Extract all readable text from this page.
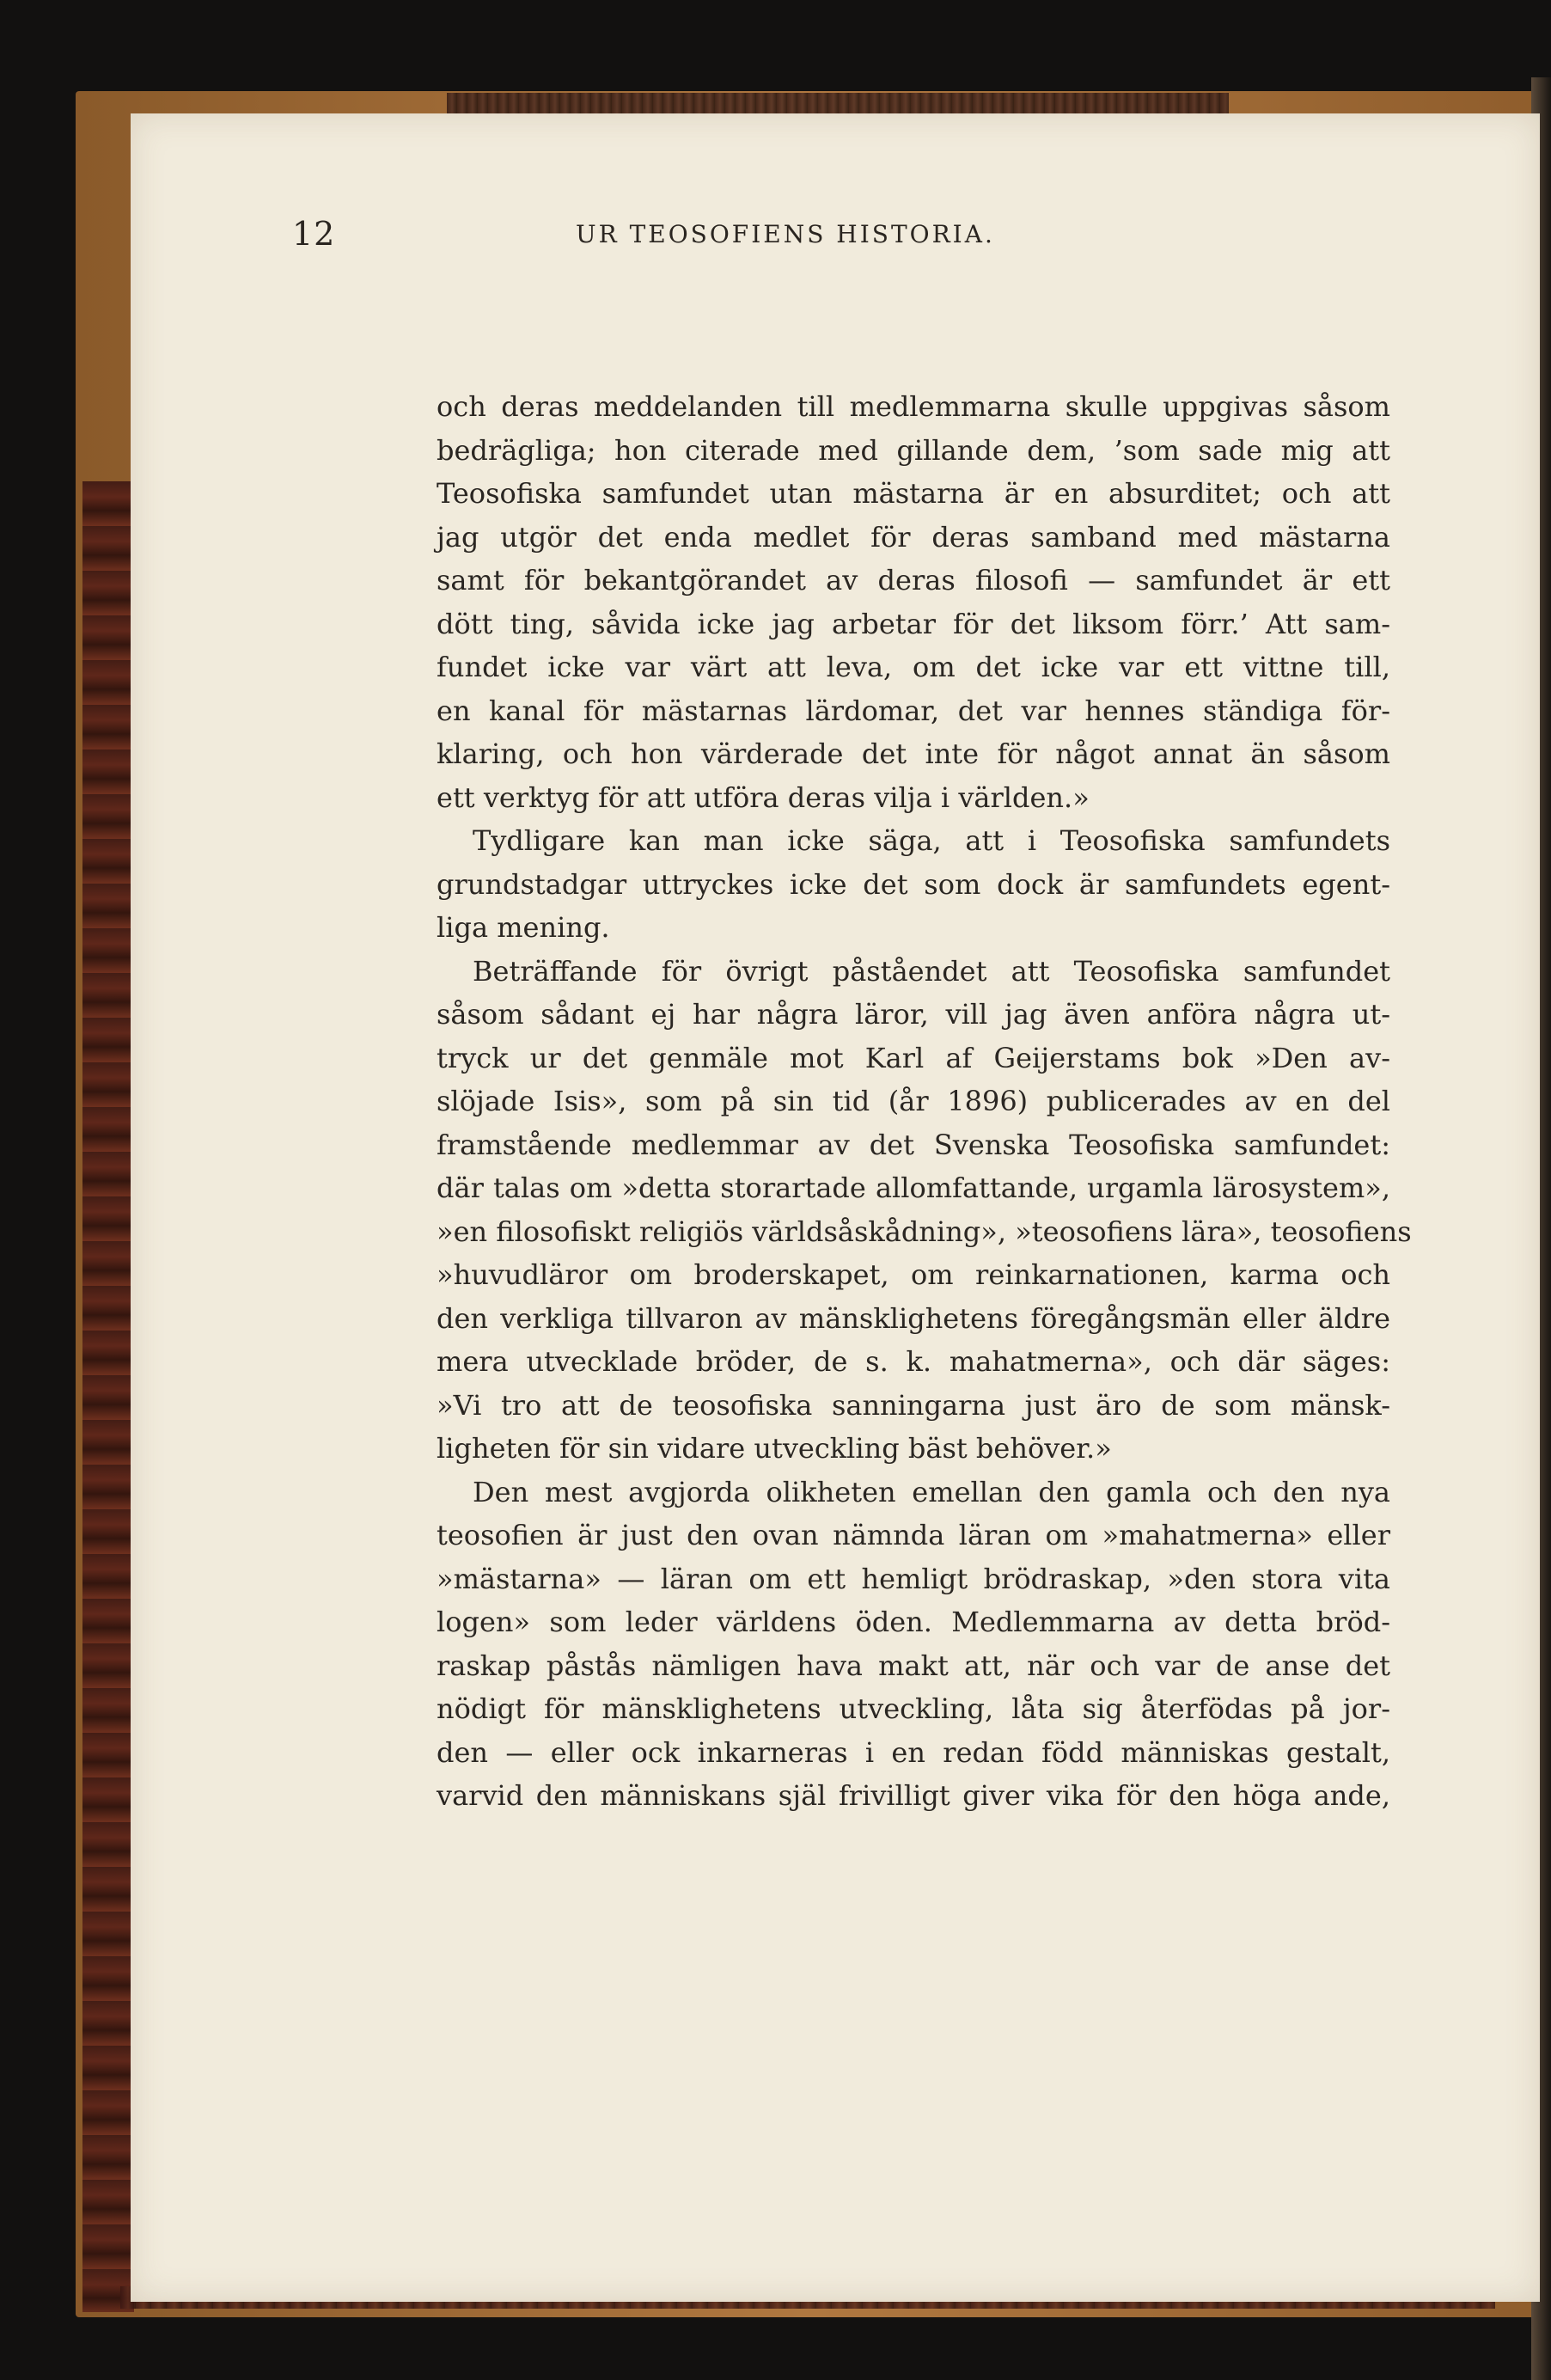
12	UR TEOSOFIENS HISTORIA.
och deras meddelanden till medlemmarna skulle uppgivas såsom
bedrägliga; hon citerade med gillande dem, ’som sade mig att
Teosofiska samfundet utan mästarna är en absurditet; och att
jag utgör det enda medlet för deras samband med mästarna
samt för bekantgörandet av deras filosofi — samfundet är ett
dött ting, såvida icke jag arbetar för det liksom förr.’ Att sam-
fundet icke var värt att leva, om det icke var ett vittne till,
en kanal för mästarnas lärdomar, det var hennes ständiga för-
klaring, och hon värderade det inte för något annat än såsom
ett verktyg för att utföra deras vilja i världen.»
Tydligare kan man icke säga, att i Teosofiska samfundets
grundstadgar uttryckes icke det som dock är samfundets egent-
liga mening.
Beträffande för övrigt påståendet att Teosofiska samfundet
såsom sådant ej har några läror, vill jag även anföra några ut-
tryck ur det genmäle mot Karl af Geijerstams bok »Den av-
slöjade Isis», som på sin tid (år 1896) publicerades av en del
framstående medlemmar av det Svenska Teosofiska samfundet:
där talas om »detta storartade allomfattande, urgamla lärosystem»,
»en filosofiskt religiös världsåskådning», »teosofiens lära», teosofiens
»huvudläror om broderskapet, om reinkarnationen, karma och
den verkliga tillvaron av mänsklighetens föregångsmän eller äldre
mera utvecklade bröder, de s. k. mahatmerna», och där säges:
»Vi tro att de teosofiska sanningarna just äro de som mänsk-
ligheten för sin vidare utveckling bäst behöver.»
Den mest avgjorda olikheten emellan den gamla och den nya
teosofien är just den ovan nämnda läran om »mahatmerna» eller
»mästarna» — läran om ett hemligt brödraskap, »den stora vita
logen» som leder världens öden. Medlemmarna av detta bröd-
raskap påstås nämligen hava makt att, när och var de anse det
nödigt för mänsklighetens utveckling, låta sig återfödas på jor-
den — eller ock inkarneras i en redan född människas gestalt,
varvid den människans själ frivilligt giver vika för den höga ande,
